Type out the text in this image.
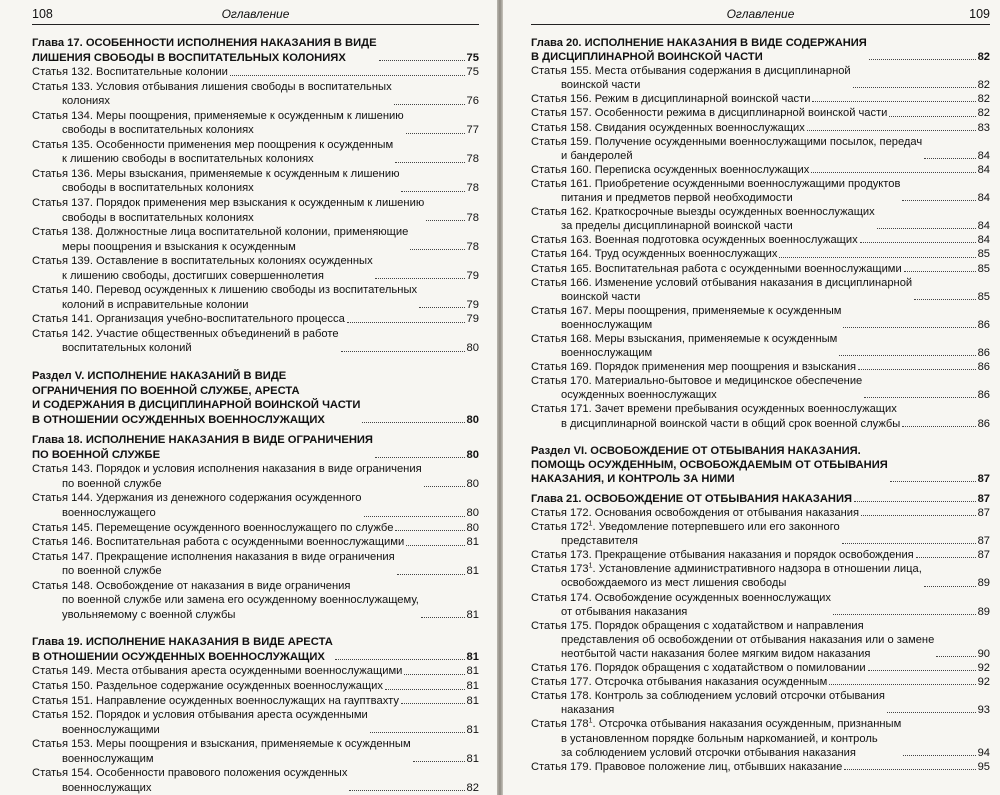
108	Оглавление
Глава 17. ОСОБЕННОСТИ ИСПОЛНЕНИЯ НАКАЗАНИЯ В ВИДЕ
ЛИШЕНИЯ СВОБОДЫ В ВОСПИТАТЕЛЬНЫХ КОЛОНИЯХ	75
Статья 132. Воспитательные колонии	75
Статья 133. Условия отбывания лишения свободы в воспитательных
колониях	76
Статья 134. Меры поощрения, применяемые к осужденным к лишению
свободы в воспитательных колониях	77
Статья 135. Особенности применения мер поощрения к осужденным
к лишению свободы в воспитательных колониях	78
Статья 136. Меры взыскания, применяемые к осужденным к лишению
свободы в воспитательных колониях	78
Статья 137. Порядок применения мер взыскания к осужденным к лишению
свободы в воспитательных колониях	78
Статья 138. Должностные лица воспитательной колонии, применяющие
меры поощрения и взыскания к осужденным	78
Статья 139. Оставление в воспитательных колониях осужденных
к лишению свободы, достигших совершеннолетия	79
Статья 140. Перевод осужденных к лишению свободы из воспитательных
колоний в исправительные колонии	79
Статья 141. Организация учебно-воспитательного процесса	79
Статья 142. Участие общественных объединений в работе
воспитательных колоний	80
Раздел V. ИСПОЛНЕНИЕ НАКАЗАНИЙ В ВИДЕ
ОГРАНИЧЕНИЯ ПО ВОЕННОЙ СЛУЖБЕ, АРЕСТА
И СОДЕРЖАНИЯ В ДИСЦИПЛИНАРНОЙ ВОИНСКОЙ ЧАСТИ
В ОТНОШЕНИИ ОСУЖДЕННЫХ ВОЕННОСЛУЖАЩИХ	80
Глава 18. ИСПОЛНЕНИЕ НАКАЗАНИЯ В ВИДЕ ОГРАНИЧЕНИЯ
ПО ВОЕННОЙ СЛУЖБЕ	80
Статья 143. Порядок и условия исполнения наказания в виде ограничения
по военной службе	80
Статья 144. Удержания из денежного содержания осужденного
военнослужащего	80
Статья 145. Перемещение осужденного военнослужащего по службе	80
Статья 146. Воспитательная работа с осужденными военнослужащими	81
Статья 147. Прекращение исполнения наказания в виде ограничения
по военной службе	81
Статья 148. Освобождение от наказания в виде ограничения
по военной службе или замена его осужденному военнослужащему,
увольняемому с военной службы	81
Глава 19. ИСПОЛНЕНИЕ НАКАЗАНИЯ В ВИДЕ АРЕСТА
В ОТНОШЕНИИ ОСУЖДЕННЫХ ВОЕННОСЛУЖАЩИХ	81
Статья 149. Места отбывания ареста осужденными военнослужащими	81
Статья 150. Раздельное содержание осужденных военнослужащих	81
Статья 151. Направление осужденных военнослужащих на гауптвахту	81
Статья 152. Порядок и условия отбывания ареста осужденными
военнослужащими	81
Статья 153. Меры поощрения и взыскания, применяемые к осужденным
военнослужащим	81
Статья 154. Особенности правового положения осужденных
военнослужащих	82
Оглавление	109
Глава 20. ИСПОЛНЕНИЕ НАКАЗАНИЯ В ВИДЕ СОДЕРЖАНИЯ
В ДИСЦИПЛИНАРНОЙ ВОИНСКОЙ ЧАСТИ	82
Статья 155. Места отбывания содержания в дисциплинарной
воинской части	82
Статья 156. Режим в дисциплинарной воинской части	82
Статья 157. Особенности режима в дисциплинарной воинской части	82
Статья 158. Свидания осужденных военнослужащих	83
Статья 159. Получение осужденными военнослужащими посылок, передач
и бандеролей	84
Статья 160. Переписка осужденных военнослужащих	84
Статья 161. Приобретение осужденными военнослужащими продуктов
питания и предметов первой необходимости	84
Статья 162. Краткосрочные выезды осужденных военнослужащих
за пределы дисциплинарной воинской части	84
Статья 163. Военная подготовка осужденных военнослужащих	84
Статья 164. Труд осужденных военнослужащих	85
Статья 165. Воспитательная работа с осужденными военнослужащими	85
Статья 166. Изменение условий отбывания наказания в дисциплинарной
воинской части	85
Статья 167. Меры поощрения, применяемые к осужденным
военнослужащим	86
Статья 168. Меры взыскания, применяемые к осужденным
военнослужащим	86
Статья 169. Порядок применения мер поощрения и взыскания	86
Статья 170. Материально-бытовое и медицинское обеспечение
осужденных военнослужащих	86
Статья 171. Зачет времени пребывания осужденных военнослужащих
в дисциплинарной воинской части в общий срок военной службы	86
Раздел VI. ОСВОБОЖДЕНИЕ ОТ ОТБЫВАНИЯ НАКАЗАНИЯ.
ПОМОЩЬ ОСУЖДЕННЫМ, ОСВОБОЖДАЕМЫМ ОТ ОТБЫВАНИЯ
НАКАЗАНИЯ, И КОНТРОЛЬ ЗА НИМИ	87
Глава 21. ОСВОБОЖДЕНИЕ ОТ ОТБЫВАНИЯ НАКАЗАНИЯ	87
Статья 172. Основания освобождения от отбывания наказания	87
Статья $172^1$. Уведомление потерпевшего или его законного
представителя	87
Статья 173. Прекращение отбывания наказания и порядок освобождения	87
Статья $173^1$. Установление административного надзора в отношении лица,
освобождаемого из мест лишения свободы	89
Статья 174. Освобождение осужденных военнослужащих
от отбывания наказания	89
Статья 175. Порядок обращения с ходатайством и направления
представления об освобождении от отбывания наказания или о замене
неотбытой части наказания более мягким видом наказания	90
Статья 176. Порядок обращения с ходатайством о помиловании	92
Статья 177. Отсрочка отбывания наказания осужденным	92
Статья 178. Контроль за соблюдением условий отсрочки отбывания
наказания	93
Статья $178^1$. Отсрочка отбывания наказания осужденным, признанным
в установленном порядке больным наркоманией, и контроль
за соблюдением условий отсрочки отбывания наказания	94
Статья 179. Правовое положение лиц, отбывших наказание	95
